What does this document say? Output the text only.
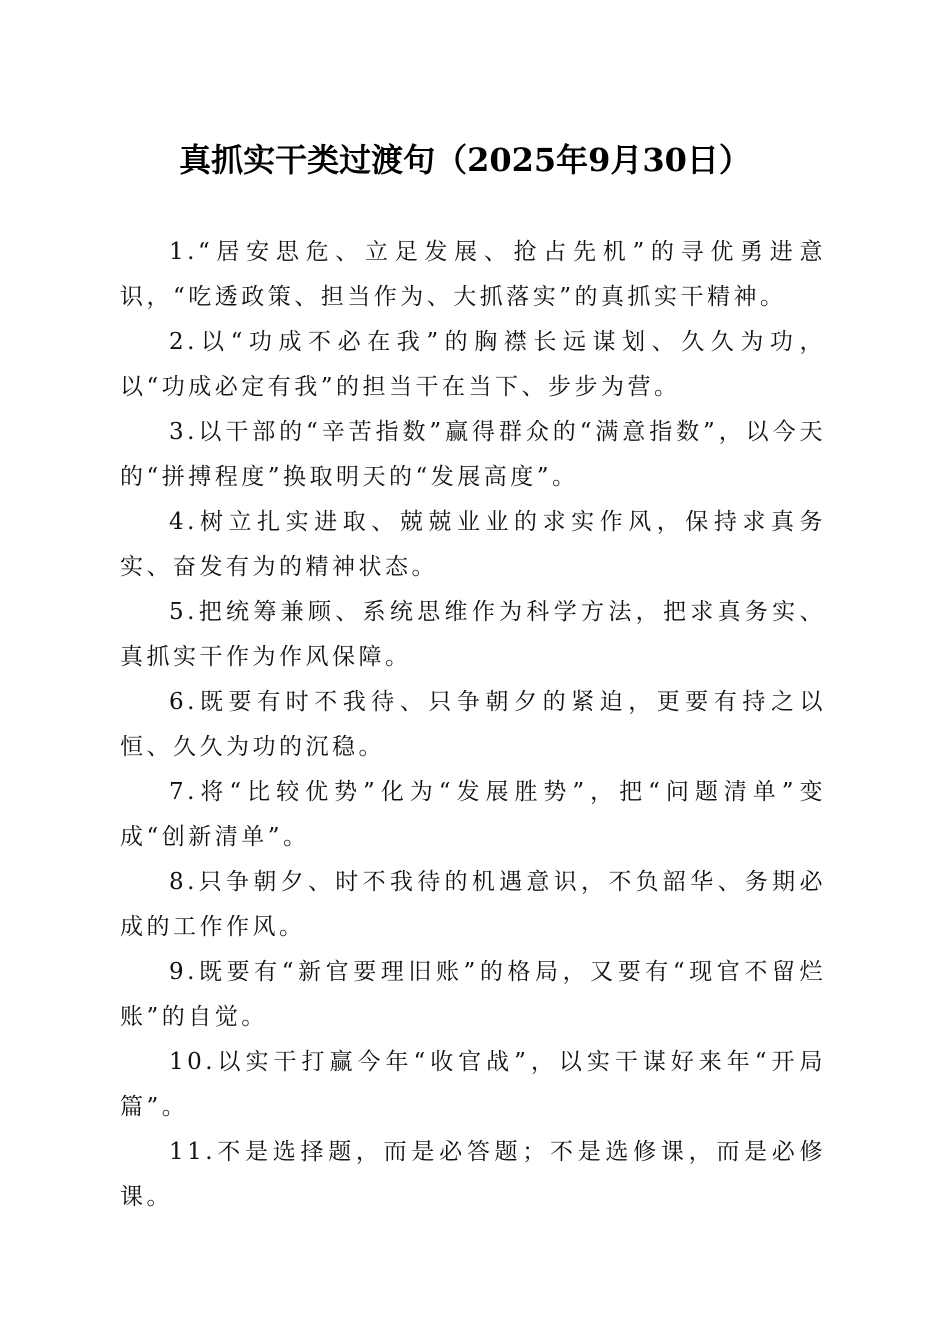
真抓实干类过渡句（2025年9月30日）

1.“居安思危、立足发展、抢占先机”的寻优勇进意识，“吃透政策、担当作为、大抓落实”的真抓实干精神。

2.以“功成不必在我”的胸襟长远谋划、久久为功，以“功成必定有我”的担当干在当下、步步为营。

3.以干部的“辛苦指数”赢得群众的“满意指数”，以今天的“拼搏程度”换取明天的“发展高度”。

4.树立扎实进取、兢兢业业的求实作风，保持求真务实、奋发有为的精神状态。

5.把统筹兼顾、系统思维作为科学方法，把求真务实、真抓实干作为作风保障。

6.既要有时不我待、只争朝夕的紧迫，更要有持之以恒、久久为功的沉稳。

7.将“比较优势”化为“发展胜势”，把“问题清单”变成“创新清单”。

8.只争朝夕、时不我待的机遇意识，不负韶华、务期必成的工作作风。

9.既要有“新官要理旧账”的格局，又要有“现官不留烂账”的自觉。

10.以实干打赢今年“收官战”，以实干谋好来年“开局篇”。

11.不是选择题，而是必答题；不是选修课，而是必修课。
